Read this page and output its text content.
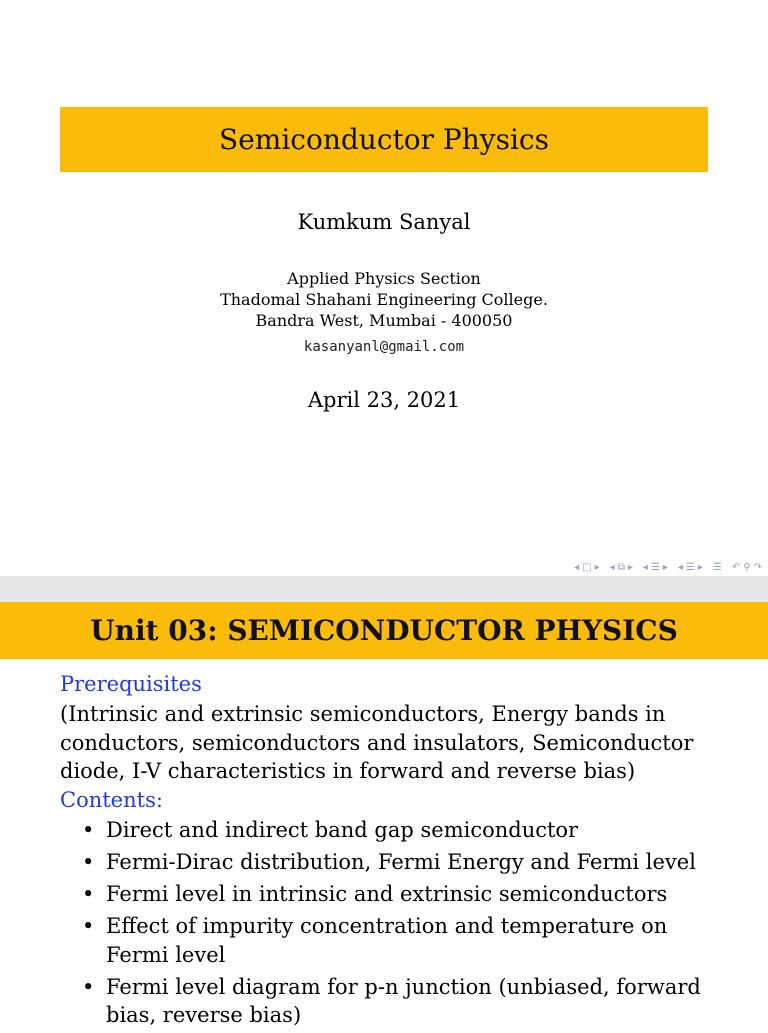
Semiconductor Physics
Kumkum Sanyal
Applied Physics Section
Thadomal Shahani Engineering College.
Bandra West, Mumbai - 400050
kasanyanl@gmail.com
April 23, 2021
◂ □ ▸ ◂ ⧉ ▸ ◂ ☰ ▸ ◂ ☰ ▸ ☰ ↶ ⚲ ↷
Unit 03: SEMICONDUCTOR PHYSICS
Prerequisites
(Intrinsic and extrinsic semiconductors, Energy bands in conductors, semiconductors and insulators, Semiconductor diode, I-V characteristics in forward and reverse bias)
Contents:
• Direct and indirect band gap semiconductor
• Fermi-Dirac distribution, Fermi Energy and Fermi level
• Fermi level in intrinsic and extrinsic semiconductors
• Effect of impurity concentration and temperature on Fermi level
• Fermi level diagram for p-n junction (unbiased, forward bias, reverse bias)
